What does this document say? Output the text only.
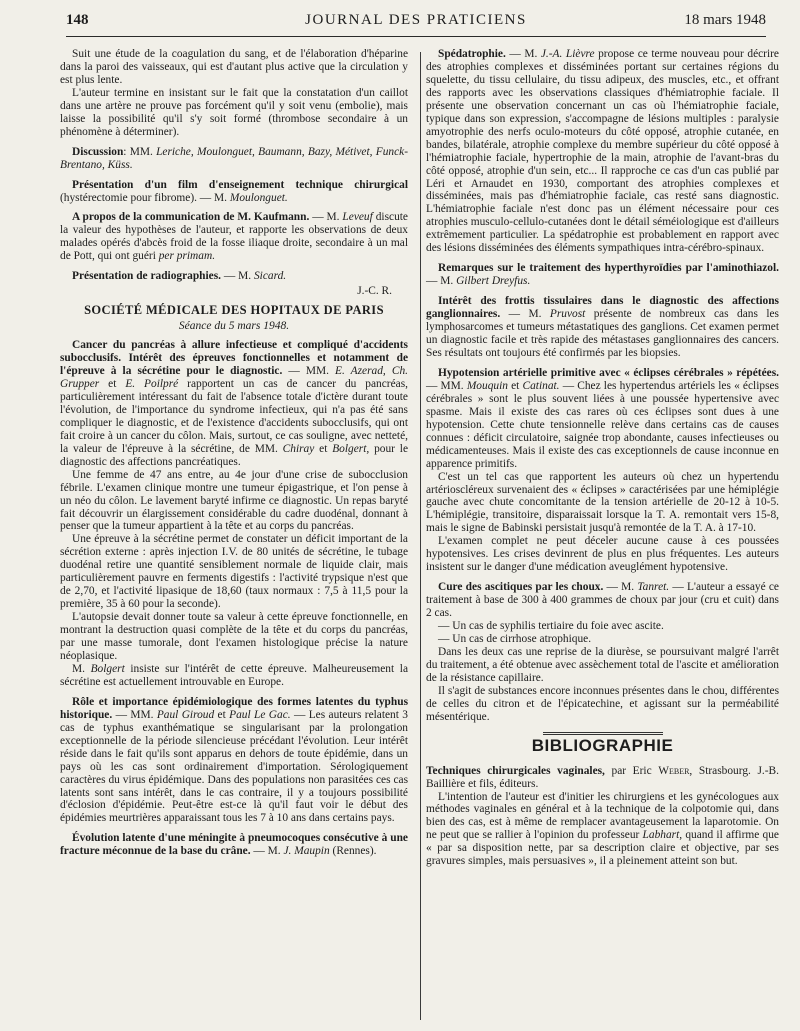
148	JOURNAL DES PRATICIENS	18 mars 1948

Suit une étude de la coagulation du sang, et de l'élaboration d'héparine dans la paroi des vaisseaux, qui est d'autant plus active que la circulation y est plus lente.

L'auteur termine en insistant sur le fait que la constatation d'un caillot dans une artère ne prouve pas forcément qu'il y soit venu (embolie), mais laisse la possibilité qu'il s'y soit formé (thrombose secondaire à un phénomène à déterminer).

Discussion: MM. Leriche, Moulonguet, Baumann, Bazy, Métivet, Funck-Brentano, Küss.

Présentation d'un film d'enseignement technique chirurgical (hystérectomie pour fibrome). — M. Moulonguet.

A propos de la communication de M. Kaufmann. — M. Leveuf discute la valeur des hypothèses de l'auteur, et rapporte les observations de deux malades opérés d'abcès froid de la fosse iliaque droite, secondaire à un mal de Pott, qui ont guéri per primam.

Présentation de radiographies. — M. Sicard.

J.-C. R.
SOCIÉTÉ MÉDICALE DES HOPITAUX DE PARIS
Séance du 5 mars 1948.

Cancer du pancréas à allure infectieuse et compliqué d'accidents subocclusifs. Intérêt des épreuves fonctionnelles et notamment de l'épreuve à la sécrétine pour le diagnostic. — MM. E. Azerad, Ch. Grupper et E. Poilpré rapportent un cas de cancer du pancréas, particulièrement intéressant du fait de l'absence totale d'ictère durant toute l'évolution, de l'importance du syndrome infectieux, qui n'a pas été sans compliquer le diagnostic, et de l'existence d'accidents subocclusifs, qui ont fait croire à un cancer du côlon. Mais, surtout, ce cas souligne, avec netteté, la valeur de l'épreuve à la sécrétine, de MM. Chiray et Bolgert, pour le diagnostic des affections pancréatiques.

Une femme de 47 ans entre, au 4e jour d'une crise de subocclusion fébrile. L'examen clinique montre une tumeur épigastrique, et l'on pense à un néo du côlon. Le lavement baryté infirme ce diagnostic. Un repas baryté fait découvrir un élargissement considérable du cadre duodénal, donnant à penser que la tumeur appartient à la tête et au corps du pancréas.

Une épreuve à la sécrétine permet de constater un déficit important de la sécrétion externe : après injection I.V. de 80 unités de sécrétine, le tubage duodénal retire une quantité sensiblement normale de liquide clair, mais particulièrement pauvre en ferments digestifs : l'activité trypsique n'est que de 2,70, et l'activité lipasique de 18,60 (taux normaux : 7,5 à 11,5 pour la première, 35 à 60 pour la seconde).

L'autopsie devait donner toute sa valeur à cette épreuve fonctionnelle, en montrant la destruction quasi complète de la tête et du corps du pancréas, par une masse tumorale, dont l'examen histologique précise la nature néoplasique.

M. Bolgert insiste sur l'intérêt de cette épreuve. Malheureusement la sécrétine est actuellement introuvable en Europe.

Rôle et importance épidémiologique des formes latentes du typhus historique. — MM. Paul Giroud et Paul Le Gac. — Les auteurs relatent 3 cas de typhus exanthématique se singularisant par la prolongation exceptionnelle de la période silencieuse précédant l'évolution. Leur intérêt réside dans le fait qu'ils sont apparus en dehors de toute épidémie, dans un pays où les cas sont ordinairement d'importation. Sérologiquement caractères du virus épidémique. Dans des populations non parasitées ces cas latents sont sans intérêt, dans le cas contraire, il y a toujours possibilité d'éclosion d'épidémie. Peut-être est-ce là qu'il faut voir le début des épidémies meurtrières apparaissant tous les 7 à 10 ans dans certains pays.

Évolution latente d'une méningite à pneumocoques consécutive à une fracture méconnue de la base du crâne. — M. J. Maupin (Rennes).

Spédatrophie. — M. J.-A. Lièvre propose ce terme nouveau pour décrire des atrophies complexes et disséminées portant sur certaines régions du squelette, du tissu cellulaire, du tissu adipeux, des muscles, etc., et offrant des rapports avec les observations classiques d'hémiatrophie faciale. Il présente une observation concernant un cas où l'hémiatrophie faciale, typique dans son expression, s'accompagne de lésions multiples : paralysie amyotrophie des nerfs oculo-moteurs du côté opposé, atrophie cutanée, en bandes, bilatérale, atrophie complexe du membre supérieur du côté opposé à l'hémiatrophie faciale, hypertrophie de la main, atrophie de l'avant-bras du côté opposé, atrophie d'un sein, etc... Il rapproche ce cas d'un cas publié par Léri et Arnaudet en 1930, comportant des atrophies complexes et disséminées, mais pas d'hémiatrophie faciale, cas resté sans diagnostic. L'hémiatrophie faciale n'est donc pas un élément nécessaire pour ces atrophies musculo-cellulo-cutanées dont le détail séméiologique est d'ailleurs extrêmement particulier. La spédatrophie est probablement en rapport avec des lésions disséminées des éléments sympathiques intra-cérébro-spinaux.

Remarques sur le traitement des hyperthyroïdies par l'aminothiazol. — M. Gilbert Dreyfus.

Intérêt des frottis tissulaires dans le diagnostic des affections ganglionnaires. — M. Pruvost présente de nombreux cas dans les lymphosarcomes et tumeurs métastatiques des ganglions. Cet examen permet un diagnostic facile et très rapide des métastases ganglionnaires des cancers. Ses résultats ont toujours été confirmés par les biopsies.

Hypotension artérielle primitive avec « éclipses cérébrales » répétées. — MM. Mouquin et Catinat. — Chez les hypertendus artériels les « éclipses cérébrales » sont le plus souvent liées à une poussée hypertensive avec spasme. Mais il existe des cas rares où ces éclipses sont dues à une hypotension. Cette chute tensionnelle relève dans certains cas de causes connues : déficit circulatoire, saignée trop abondante, causes infectieuses ou médicamenteuses. Mais il existe des cas exceptionnels de cause inconnue en apparence primitifs.

C'est un tel cas que rapportent les auteurs où chez un hypertendu artérioscléreux survenaient des « éclipses » caractérisées par une hémiplégie gauche avec chute concomitante de la tension artérielle de 20-12 à 10-5. L'hémiplégie, transitoire, disparaissait lorsque la T. A. remontait vers 15-8, mais le signe de Babinski persistait jusqu'à remontée de la T. A. à 17-10.

L'examen complet ne peut déceler aucune cause à ces poussées hypotensives. Les crises devinrent de plus en plus fréquentes. Les auteurs insistent sur le danger d'une médication aveuglément hypotensive.

Cure des ascitiques par les choux. — M. Tanret. — L'auteur a essayé ce traitement à base de 300 à 400 grammes de choux par jour (cru et cuit) dans 2 cas.

— Un cas de syphilis tertiaire du foie avec ascite.

— Un cas de cirrhose atrophique.

Dans les deux cas une reprise de la diurèse, se poursuivant malgré l'arrêt du traitement, a été obtenue avec assèchement total de l'ascite et amélioration de la résistance capillaire.

Il s'agit de substances encore inconnues présentes dans le chou, différentes de celles du citron et de l'épicatechine, et agissant sur la perméabilité mésentérique.

BIBLIOGRAPHIE

Techniques chirurgicales vaginales, par Eric Weber, Strasbourg. J.-B. Baillière et fils, éditeurs.

L'intention de l'auteur est d'initier les chirurgiens et les gynécologues aux méthodes vaginales en général et à la technique de la colpotomie qui, dans bien des cas, est à même de remplacer avantageusement la laparotomie. On ne peut que se rallier à l'opinion du professeur Labhart, quand il affirme que « par sa disposition nette, par sa description claire et objective, par ses gravures simples, mais persuasives », il a pleinement atteint son but.
